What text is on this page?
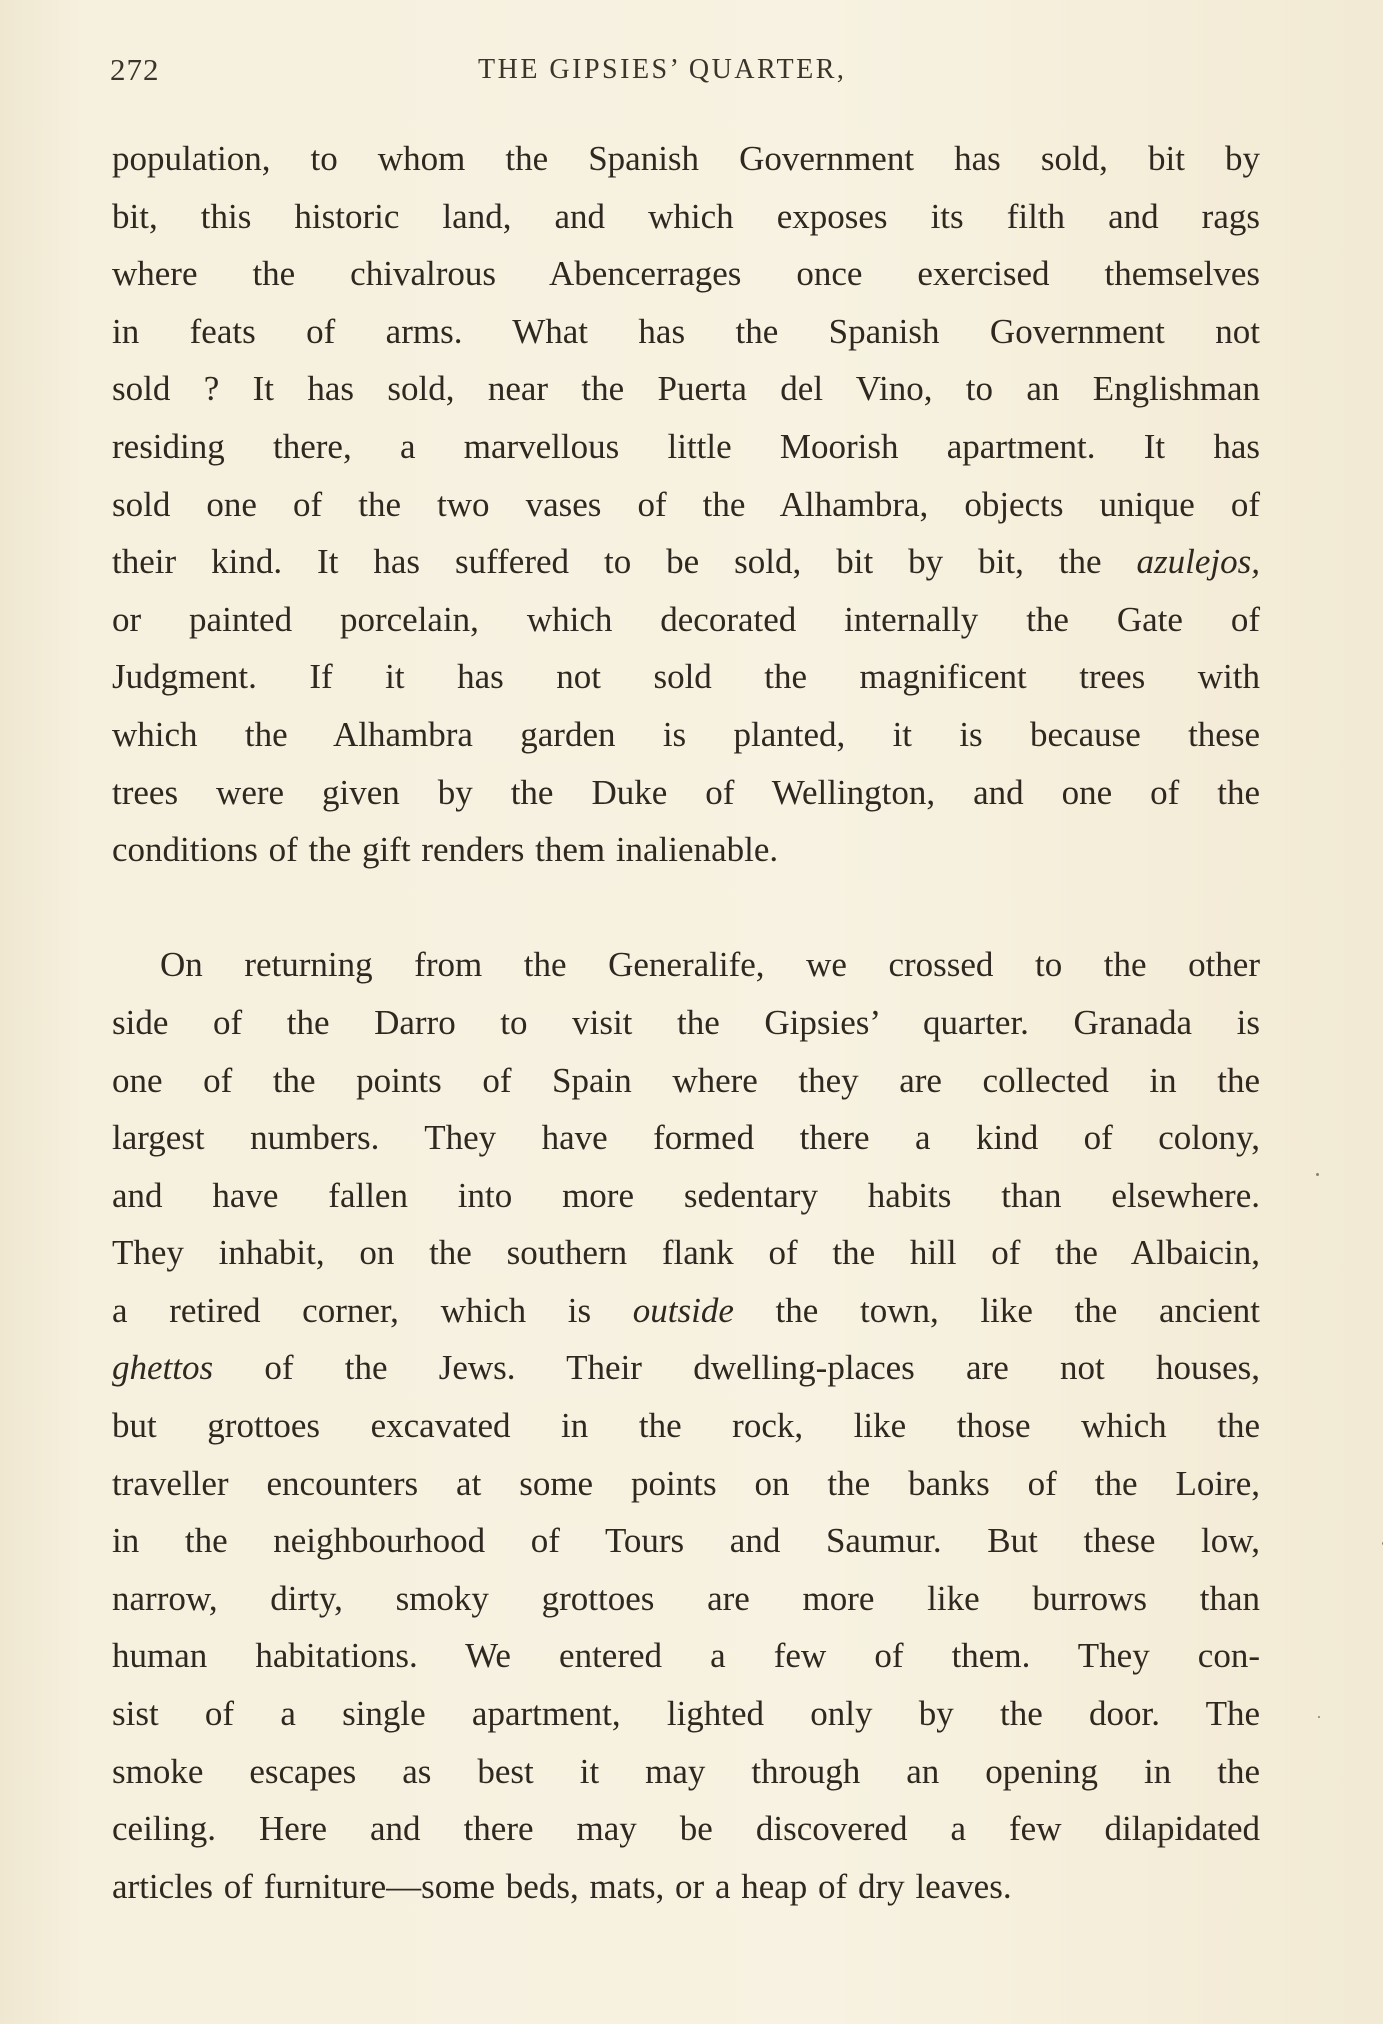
272	THE GIPSIES’ QUARTER,
population, to whom the Spanish Government has sold, bit by
bit, this historic land, and which exposes its filth and rags
where the chivalrous Abencerrages once exercised themselves
in feats of arms. What has the Spanish Government not
sold ? It has sold, near the Puerta del Vino, to an Englishman
residing there, a marvellous little Moorish apartment. It has
sold one of the two vases of the Alhambra, objects unique of
their kind. It has suffered to be sold, bit by bit, the azulejos,
or painted porcelain, which decorated internally the Gate of
Judgment. If it has not sold the magnificent trees with
which the Alhambra garden is planted, it is because these
trees were given by the Duke of Wellington, and one of the
conditions of the gift renders them inalienable.
On returning from the Generalife, we crossed to the other
side of the Darro to visit the Gipsies’ quarter. Granada is
one of the points of Spain where they are collected in the
largest numbers. They have formed there a kind of colony,
and have fallen into more sedentary habits than elsewhere.
They inhabit, on the southern flank of the hill of the Albaicin,
a retired corner, which is outside the town, like the ancient
ghettos of the Jews. Their dwelling-places are not houses,
but grottoes excavated in the rock, like those which the
traveller encounters at some points on the banks of the Loire,
in the neighbourhood of Tours and Saumur. But these low,
narrow, dirty, smoky grottoes are more like burrows than
human habitations. We entered a few of them. They con-
sist of a single apartment, lighted only by the door. The
smoke escapes as best it may through an opening in the
ceiling. Here and there may be discovered a few dilapidated
articles of furniture—some beds, mats, or a heap of dry leaves.
